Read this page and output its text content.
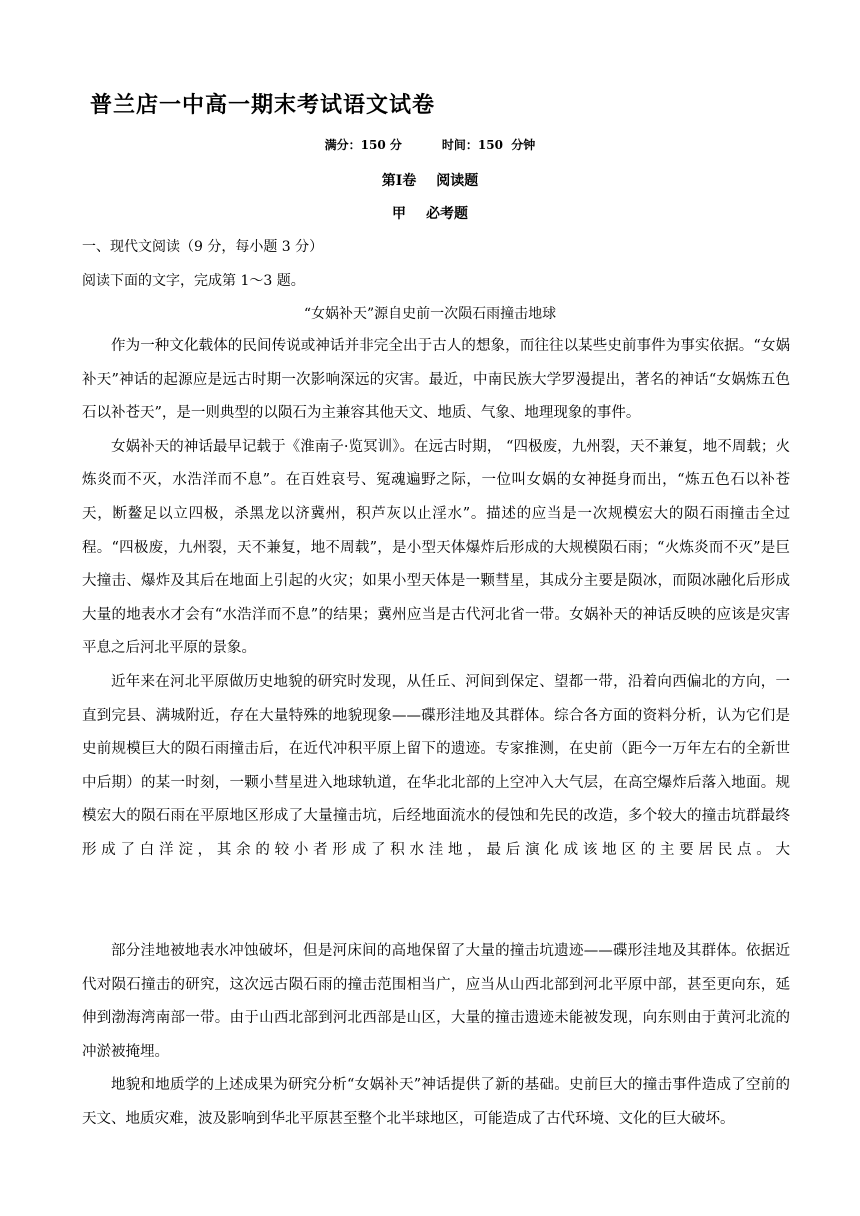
普兰店一中高一期末考试语文试卷
满分：150 分	时间：150  分钟
第Ⅰ卷 阅读题
甲 必考题
一、现代文阅读（9 分，每小题 3 分）
阅读下面的文字，完成第 1～3 题。
“女娲补天”源自史前一次陨石雨撞击地球

作为一种文化载体的民间传说或神话并非完全出于古人的想象，而往往以某些史前事件为事实依据。“女娲补天”神话的起源应是远古时期一次影响深远的灾害。最近，中南民族大学罗漫提出，著名的神话“女娲炼五色石以补苍天”，是一则典型的以陨石为主兼容其他天文、地质、气象、地理现象的事件。

女娲补天的神话最早记载于《淮南子·览冥训》。在远古时期， “四极废，九州裂，天不兼复，地不周载；火炼炎而不灭，水浩洋而不息”。在百姓哀号、冤魂遍野之际，一位叫女娲的女神挺身而出，“炼五色石以补苍天，断鳌足以立四极，杀黑龙以济冀州，积芦灰以止淫水”。描述的应当是一次规模宏大的陨石雨撞击全过程。“四极废，九州裂，天不兼复，地不周载”，是小型天体爆炸后形成的大规模陨石雨；“火炼炎而不灭”是巨大撞击、爆炸及其后在地面上引起的火灾；如果小型天体是一颗彗星，其成分主要是陨冰，而陨冰融化后形成大量的地表水才会有“水浩洋而不息”的结果；冀州应当是古代河北省一带。女娲补天的神话反映的应该是灾害平息之后河北平原的景象。

近年来在河北平原做历史地貌的研究时发现，从任丘、河间到保定、望都一带，沿着向西偏北的方向，一直到完县、满城附近，存在大量特殊的地貌现象——碟形洼地及其群体。综合各方面的资料分析，认为它们是史前规模巨大的陨石雨撞击后，在近代冲积平原上留下的遗迹。专家推测，在史前（距今一万年左右的全新世中后期）的某一时刻，一颗小彗星进入地球轨道，在华北北部的上空冲入大气层，在高空爆炸后落入地面。规模宏大的陨石雨在平原地区形成了大量撞击坑，后经地面流水的侵蚀和先民的改造，多个较大的撞击坑群最终形成了白洋淀，其余的较小者形成了积水洼地，最后演化成该地区的主要居民点。大

部分洼地被地表水冲蚀破坏，但是河床间的高地保留了大量的撞击坑遗迹——碟形洼地及其群体。依据近代对陨石撞击的研究，这次远古陨石雨的撞击范围相当广，应当从山西北部到河北平原中部，甚至更向东，延伸到渤海湾南部一带。由于山西北部到河北西部是山区，大量的撞击遗迹未能被发现，向东则由于黄河北流的冲淤被掩埋。

地貌和地质学的上述成果为研究分析“女娲补天”神话提供了新的基础。史前巨大的撞击事件造成了空前的天文、地质灾难，波及影响到华北平原甚至整个北半球地区，可能造成了古代环境、文化的巨大破坏。
